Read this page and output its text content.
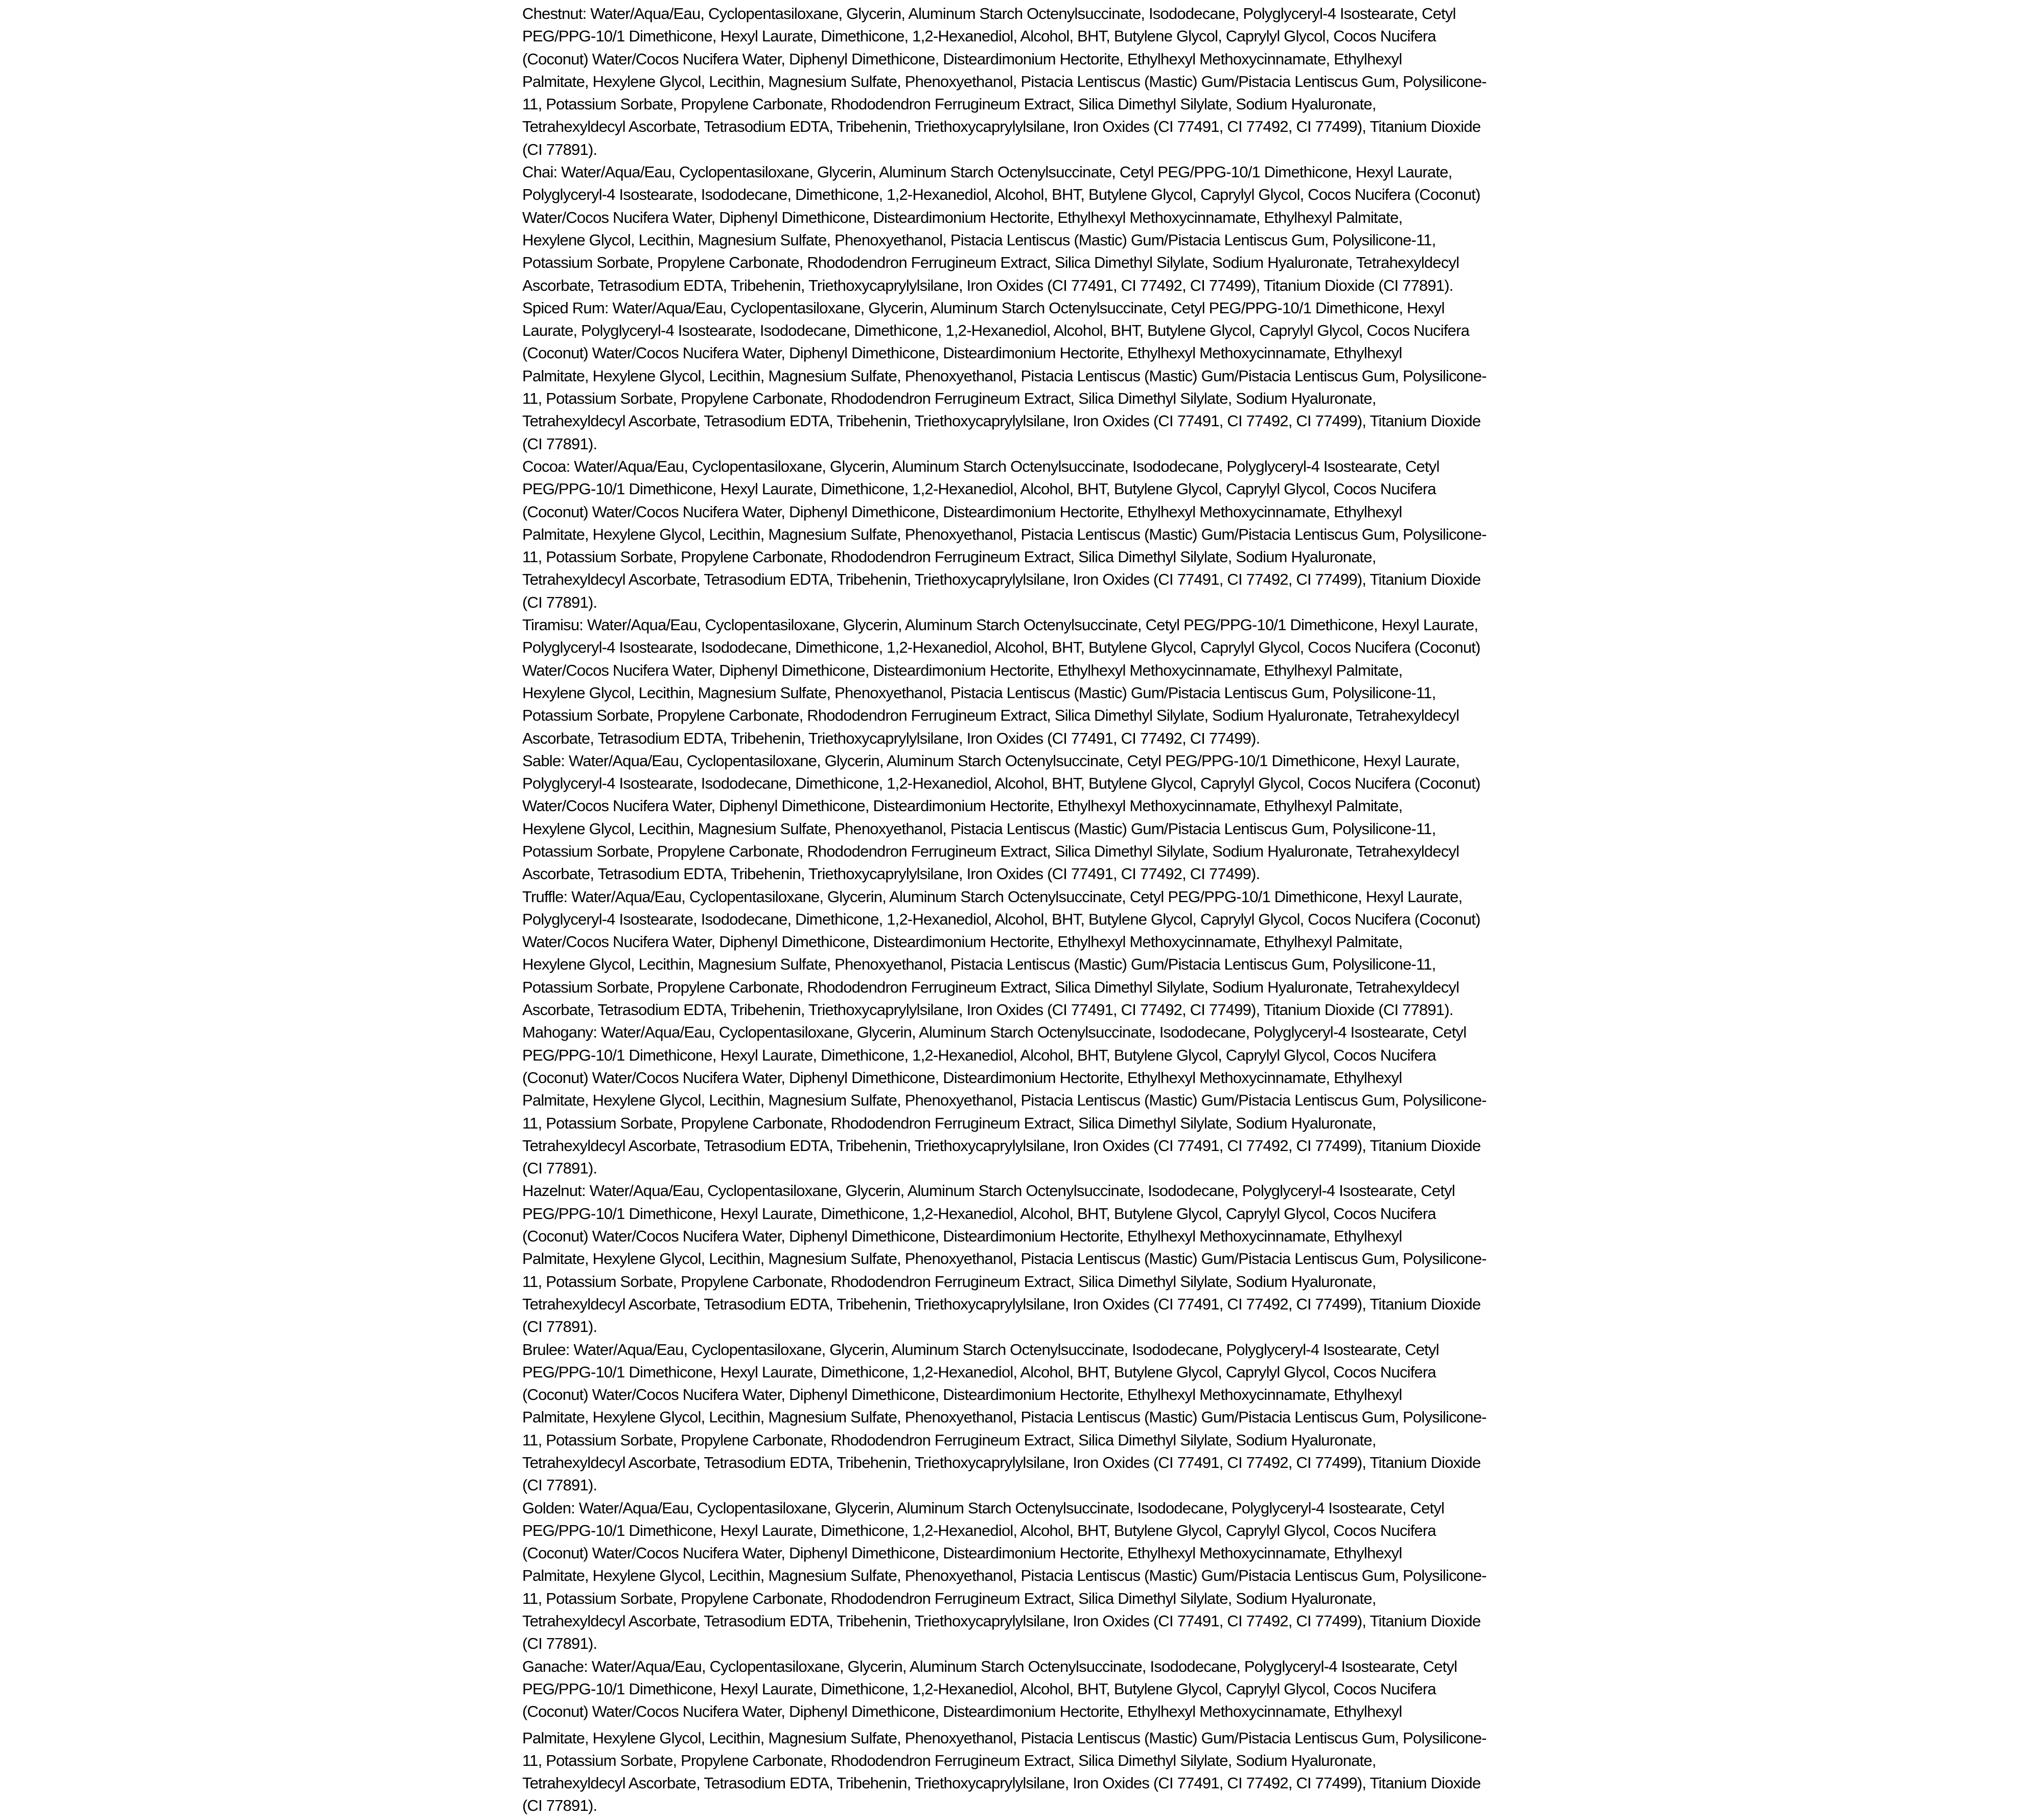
Chestnut: Water/Aqua/Eau, Cyclopentasiloxane, Glycerin, Aluminum Starch Octenylsuccinate, Isododecane, Polyglyceryl-4 Isostearate, Cetyl
PEG/PPG-10/1 Dimethicone, Hexyl Laurate, Dimethicone, 1,2-Hexanediol, Alcohol, BHT, Butylene Glycol, Caprylyl Glycol, Cocos Nucifera
(Coconut) Water/Cocos Nucifera Water, Diphenyl Dimethicone, Disteardimonium Hectorite, Ethylhexyl Methoxycinnamate, Ethylhexyl
Palmitate, Hexylene Glycol, Lecithin, Magnesium Sulfate, Phenoxyethanol, Pistacia Lentiscus (Mastic) Gum/Pistacia Lentiscus Gum, Polysilicone-
11, Potassium Sorbate, Propylene Carbonate, Rhododendron Ferrugineum Extract, Silica Dimethyl Silylate, Sodium Hyaluronate,
Tetrahexyldecyl Ascorbate, Tetrasodium EDTA, Tribehenin, Triethoxycaprylylsilane, Iron Oxides (CI 77491, CI 77492, CI 77499), Titanium Dioxide
(CI 77891).

Chai: Water/Aqua/Eau, Cyclopentasiloxane, Glycerin, Aluminum Starch Octenylsuccinate, Cetyl PEG/PPG-10/1 Dimethicone, Hexyl Laurate,
Polyglyceryl-4 Isostearate, Isododecane, Dimethicone, 1,2-Hexanediol, Alcohol, BHT, Butylene Glycol, Caprylyl Glycol, Cocos Nucifera (Coconut)
Water/Cocos Nucifera Water, Diphenyl Dimethicone, Disteardimonium Hectorite, Ethylhexyl Methoxycinnamate, Ethylhexyl Palmitate,
Hexylene Glycol, Lecithin, Magnesium Sulfate, Phenoxyethanol, Pistacia Lentiscus (Mastic) Gum/Pistacia Lentiscus Gum, Polysilicone-11,
Potassium Sorbate, Propylene Carbonate, Rhododendron Ferrugineum Extract, Silica Dimethyl Silylate, Sodium Hyaluronate, Tetrahexyldecyl
Ascorbate, Tetrasodium EDTA, Tribehenin, Triethoxycaprylylsilane, Iron Oxides (CI 77491, CI 77492, CI 77499), Titanium Dioxide (CI 77891).

Spiced Rum: Water/Aqua/Eau, Cyclopentasiloxane, Glycerin, Aluminum Starch Octenylsuccinate, Cetyl PEG/PPG-10/1 Dimethicone, Hexyl
Laurate, Polyglyceryl-4 Isostearate, Isododecane, Dimethicone, 1,2-Hexanediol, Alcohol, BHT, Butylene Glycol, Caprylyl Glycol, Cocos Nucifera
(Coconut) Water/Cocos Nucifera Water, Diphenyl Dimethicone, Disteardimonium Hectorite, Ethylhexyl Methoxycinnamate, Ethylhexyl
Palmitate, Hexylene Glycol, Lecithin, Magnesium Sulfate, Phenoxyethanol, Pistacia Lentiscus (Mastic) Gum/Pistacia Lentiscus Gum, Polysilicone-
11, Potassium Sorbate, Propylene Carbonate, Rhododendron Ferrugineum Extract, Silica Dimethyl Silylate, Sodium Hyaluronate,
Tetrahexyldecyl Ascorbate, Tetrasodium EDTA, Tribehenin, Triethoxycaprylylsilane, Iron Oxides (CI 77491, CI 77492, CI 77499), Titanium Dioxide
(CI 77891).

Cocoa: Water/Aqua/Eau, Cyclopentasiloxane, Glycerin, Aluminum Starch Octenylsuccinate, Isododecane, Polyglyceryl-4 Isostearate, Cetyl
PEG/PPG-10/1 Dimethicone, Hexyl Laurate, Dimethicone, 1,2-Hexanediol, Alcohol, BHT, Butylene Glycol, Caprylyl Glycol, Cocos Nucifera
(Coconut) Water/Cocos Nucifera Water, Diphenyl Dimethicone, Disteardimonium Hectorite, Ethylhexyl Methoxycinnamate, Ethylhexyl
Palmitate, Hexylene Glycol, Lecithin, Magnesium Sulfate, Phenoxyethanol, Pistacia Lentiscus (Mastic) Gum/Pistacia Lentiscus Gum, Polysilicone-
11, Potassium Sorbate, Propylene Carbonate, Rhododendron Ferrugineum Extract, Silica Dimethyl Silylate, Sodium Hyaluronate,
Tetrahexyldecyl Ascorbate, Tetrasodium EDTA, Tribehenin, Triethoxycaprylylsilane, Iron Oxides (CI 77491, CI 77492, CI 77499), Titanium Dioxide
(CI 77891).

Tiramisu: Water/Aqua/Eau, Cyclopentasiloxane, Glycerin, Aluminum Starch Octenylsuccinate, Cetyl PEG/PPG-10/1 Dimethicone, Hexyl Laurate,
Polyglyceryl-4 Isostearate, Isododecane, Dimethicone, 1,2-Hexanediol, Alcohol, BHT, Butylene Glycol, Caprylyl Glycol, Cocos Nucifera (Coconut)
Water/Cocos Nucifera Water, Diphenyl Dimethicone, Disteardimonium Hectorite, Ethylhexyl Methoxycinnamate, Ethylhexyl Palmitate,
Hexylene Glycol, Lecithin, Magnesium Sulfate, Phenoxyethanol, Pistacia Lentiscus (Mastic) Gum/Pistacia Lentiscus Gum, Polysilicone-11,
Potassium Sorbate, Propylene Carbonate, Rhododendron Ferrugineum Extract, Silica Dimethyl Silylate, Sodium Hyaluronate, Tetrahexyldecyl
Ascorbate, Tetrasodium EDTA, Tribehenin, Triethoxycaprylylsilane, Iron Oxides (CI 77491, CI 77492, CI 77499).

Sable: Water/Aqua/Eau, Cyclopentasiloxane, Glycerin, Aluminum Starch Octenylsuccinate, Cetyl PEG/PPG-10/1 Dimethicone, Hexyl Laurate,
Polyglyceryl-4 Isostearate, Isododecane, Dimethicone, 1,2-Hexanediol, Alcohol, BHT, Butylene Glycol, Caprylyl Glycol, Cocos Nucifera (Coconut)
Water/Cocos Nucifera Water, Diphenyl Dimethicone, Disteardimonium Hectorite, Ethylhexyl Methoxycinnamate, Ethylhexyl Palmitate,
Hexylene Glycol, Lecithin, Magnesium Sulfate, Phenoxyethanol, Pistacia Lentiscus (Mastic) Gum/Pistacia Lentiscus Gum, Polysilicone-11,
Potassium Sorbate, Propylene Carbonate, Rhododendron Ferrugineum Extract, Silica Dimethyl Silylate, Sodium Hyaluronate, Tetrahexyldecyl
Ascorbate, Tetrasodium EDTA, Tribehenin, Triethoxycaprylylsilane, Iron Oxides (CI 77491, CI 77492, CI 77499).

Truffle: Water/Aqua/Eau, Cyclopentasiloxane, Glycerin, Aluminum Starch Octenylsuccinate, Cetyl PEG/PPG-10/1 Dimethicone, Hexyl Laurate,
Polyglyceryl-4 Isostearate, Isododecane, Dimethicone, 1,2-Hexanediol, Alcohol, BHT, Butylene Glycol, Caprylyl Glycol, Cocos Nucifera (Coconut)
Water/Cocos Nucifera Water, Diphenyl Dimethicone, Disteardimonium Hectorite, Ethylhexyl Methoxycinnamate, Ethylhexyl Palmitate,
Hexylene Glycol, Lecithin, Magnesium Sulfate, Phenoxyethanol, Pistacia Lentiscus (Mastic) Gum/Pistacia Lentiscus Gum, Polysilicone-11,
Potassium Sorbate, Propylene Carbonate, Rhododendron Ferrugineum Extract, Silica Dimethyl Silylate, Sodium Hyaluronate, Tetrahexyldecyl
Ascorbate, Tetrasodium EDTA, Tribehenin, Triethoxycaprylylsilane, Iron Oxides (CI 77491, CI 77492, CI 77499), Titanium Dioxide (CI 77891).

Mahogany: Water/Aqua/Eau, Cyclopentasiloxane, Glycerin, Aluminum Starch Octenylsuccinate, Isododecane, Polyglyceryl-4 Isostearate, Cetyl
PEG/PPG-10/1 Dimethicone, Hexyl Laurate, Dimethicone, 1,2-Hexanediol, Alcohol, BHT, Butylene Glycol, Caprylyl Glycol, Cocos Nucifera
(Coconut) Water/Cocos Nucifera Water, Diphenyl Dimethicone, Disteardimonium Hectorite, Ethylhexyl Methoxycinnamate, Ethylhexyl
Palmitate, Hexylene Glycol, Lecithin, Magnesium Sulfate, Phenoxyethanol, Pistacia Lentiscus (Mastic) Gum/Pistacia Lentiscus Gum, Polysilicone-
11, Potassium Sorbate, Propylene Carbonate, Rhododendron Ferrugineum Extract, Silica Dimethyl Silylate, Sodium Hyaluronate,
Tetrahexyldecyl Ascorbate, Tetrasodium EDTA, Tribehenin, Triethoxycaprylylsilane, Iron Oxides (CI 77491, CI 77492, CI 77499), Titanium Dioxide
(CI 77891).

Hazelnut: Water/Aqua/Eau, Cyclopentasiloxane, Glycerin, Aluminum Starch Octenylsuccinate, Isododecane, Polyglyceryl-4 Isostearate, Cetyl
PEG/PPG-10/1 Dimethicone, Hexyl Laurate, Dimethicone, 1,2-Hexanediol, Alcohol, BHT, Butylene Glycol, Caprylyl Glycol, Cocos Nucifera
(Coconut) Water/Cocos Nucifera Water, Diphenyl Dimethicone, Disteardimonium Hectorite, Ethylhexyl Methoxycinnamate, Ethylhexyl
Palmitate, Hexylene Glycol, Lecithin, Magnesium Sulfate, Phenoxyethanol, Pistacia Lentiscus (Mastic) Gum/Pistacia Lentiscus Gum, Polysilicone-
11, Potassium Sorbate, Propylene Carbonate, Rhododendron Ferrugineum Extract, Silica Dimethyl Silylate, Sodium Hyaluronate,
Tetrahexyldecyl Ascorbate, Tetrasodium EDTA, Tribehenin, Triethoxycaprylylsilane, Iron Oxides (CI 77491, CI 77492, CI 77499), Titanium Dioxide
(CI 77891).

Brulee: Water/Aqua/Eau, Cyclopentasiloxane, Glycerin, Aluminum Starch Octenylsuccinate, Isododecane, Polyglyceryl-4 Isostearate, Cetyl
PEG/PPG-10/1 Dimethicone, Hexyl Laurate, Dimethicone, 1,2-Hexanediol, Alcohol, BHT, Butylene Glycol, Caprylyl Glycol, Cocos Nucifera
(Coconut) Water/Cocos Nucifera Water, Diphenyl Dimethicone, Disteardimonium Hectorite, Ethylhexyl Methoxycinnamate, Ethylhexyl
Palmitate, Hexylene Glycol, Lecithin, Magnesium Sulfate, Phenoxyethanol, Pistacia Lentiscus (Mastic) Gum/Pistacia Lentiscus Gum, Polysilicone-
11, Potassium Sorbate, Propylene Carbonate, Rhododendron Ferrugineum Extract, Silica Dimethyl Silylate, Sodium Hyaluronate,
Tetrahexyldecyl Ascorbate, Tetrasodium EDTA, Tribehenin, Triethoxycaprylylsilane, Iron Oxides (CI 77491, CI 77492, CI 77499), Titanium Dioxide
(CI 77891).

Golden: Water/Aqua/Eau, Cyclopentasiloxane, Glycerin, Aluminum Starch Octenylsuccinate, Isododecane, Polyglyceryl-4 Isostearate, Cetyl
PEG/PPG-10/1 Dimethicone, Hexyl Laurate, Dimethicone, 1,2-Hexanediol, Alcohol, BHT, Butylene Glycol, Caprylyl Glycol, Cocos Nucifera
(Coconut) Water/Cocos Nucifera Water, Diphenyl Dimethicone, Disteardimonium Hectorite, Ethylhexyl Methoxycinnamate, Ethylhexyl
Palmitate, Hexylene Glycol, Lecithin, Magnesium Sulfate, Phenoxyethanol, Pistacia Lentiscus (Mastic) Gum/Pistacia Lentiscus Gum, Polysilicone-
11, Potassium Sorbate, Propylene Carbonate, Rhododendron Ferrugineum Extract, Silica Dimethyl Silylate, Sodium Hyaluronate,
Tetrahexyldecyl Ascorbate, Tetrasodium EDTA, Tribehenin, Triethoxycaprylylsilane, Iron Oxides (CI 77491, CI 77492, CI 77499), Titanium Dioxide
(CI 77891).

Ganache: Water/Aqua/Eau, Cyclopentasiloxane, Glycerin, Aluminum Starch Octenylsuccinate, Isododecane, Polyglyceryl-4 Isostearate, Cetyl
PEG/PPG-10/1 Dimethicone, Hexyl Laurate, Dimethicone, 1,2-Hexanediol, Alcohol, BHT, Butylene Glycol, Caprylyl Glycol, Cocos Nucifera
(Coconut) Water/Cocos Nucifera Water, Diphenyl Dimethicone, Disteardimonium Hectorite, Ethylhexyl Methoxycinnamate, Ethylhexyl
Palmitate, Hexylene Glycol, Lecithin, Magnesium Sulfate, Phenoxyethanol, Pistacia Lentiscus (Mastic) Gum/Pistacia Lentiscus Gum, Polysilicone-
11, Potassium Sorbate, Propylene Carbonate, Rhododendron Ferrugineum Extract, Silica Dimethyl Silylate, Sodium Hyaluronate,
Tetrahexyldecyl Ascorbate, Tetrasodium EDTA, Tribehenin, Triethoxycaprylylsilane, Iron Oxides (CI 77491, CI 77492, CI 77499), Titanium Dioxide
(CI 77891).
